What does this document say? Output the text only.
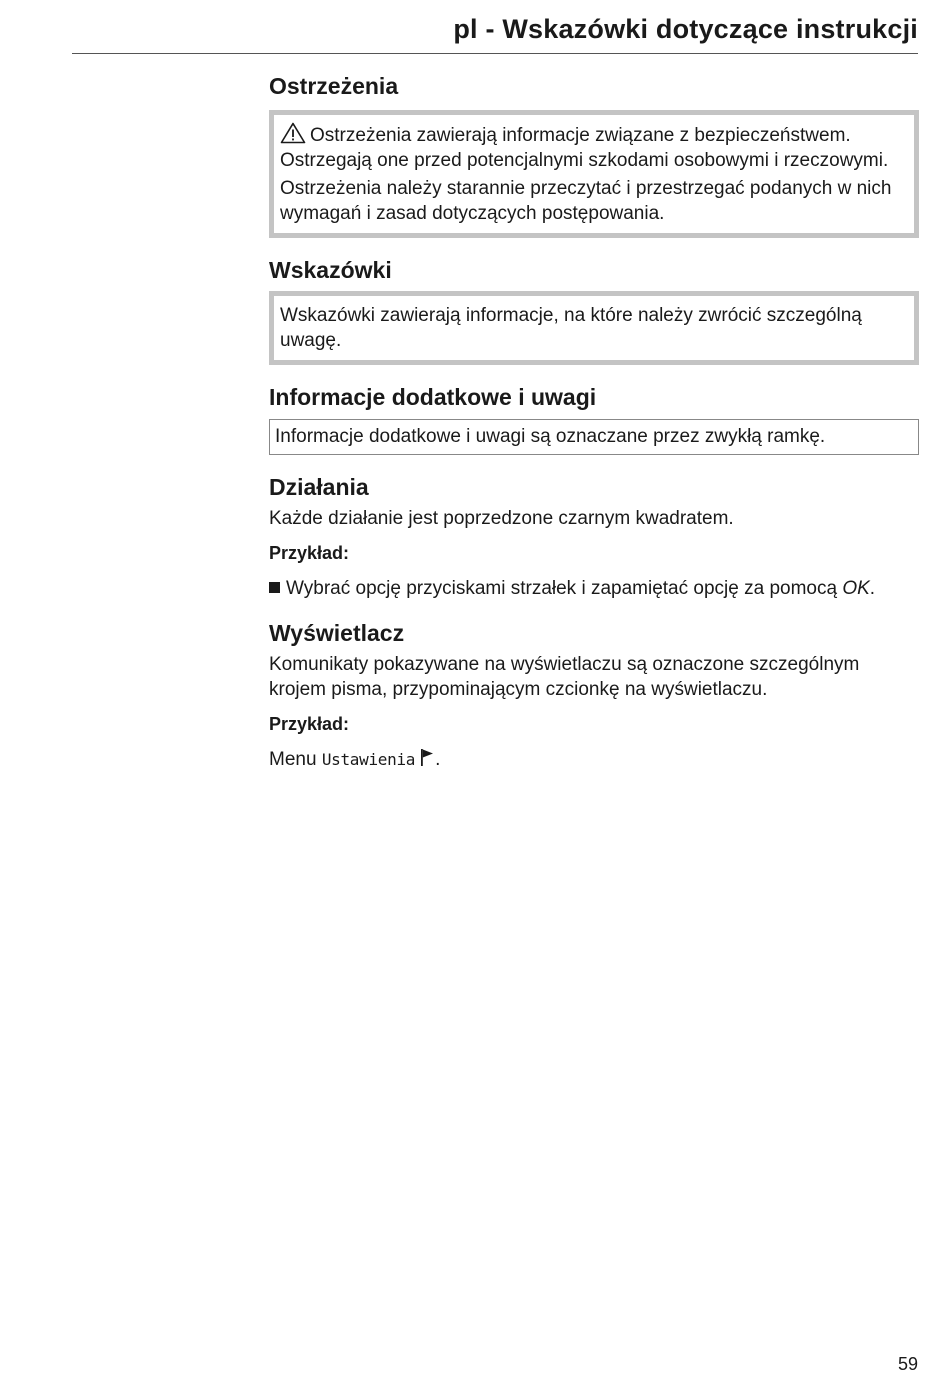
pl - Wskazówki dotyczące instrukcji
Ostrzeżenia

Ostrzeżenia zawierają informacje związane z bezpieczeństwem. Ostrzegają one przed potencjalnymi szkodami osobowymi i rzeczowymi.

Ostrzeżenia należy starannie przeczytać i przestrzegać podanych w nich wymagań i zasad dotyczących postępowania.

Wskazówki

Wskazówki zawierają informacje, na które należy zwrócić szczególną uwagę.

Informacje dodatkowe i uwagi

Informacje dodatkowe i uwagi są oznaczane przez zwykłą ramkę.

Działania

Każde działanie jest poprzedzone czarnym kwadratem.

Przykład:

Wybrać opcję przyciskami strzałek i zapamiętać opcję za pomocą OK.

Wyświetlacz

Komunikaty pokazywane na wyświetlaczu są oznaczone szczególnym krojem pisma, przypominającym czcionkę na wyświetlaczu.

Przykład:

Menu Ustawienia .

59
